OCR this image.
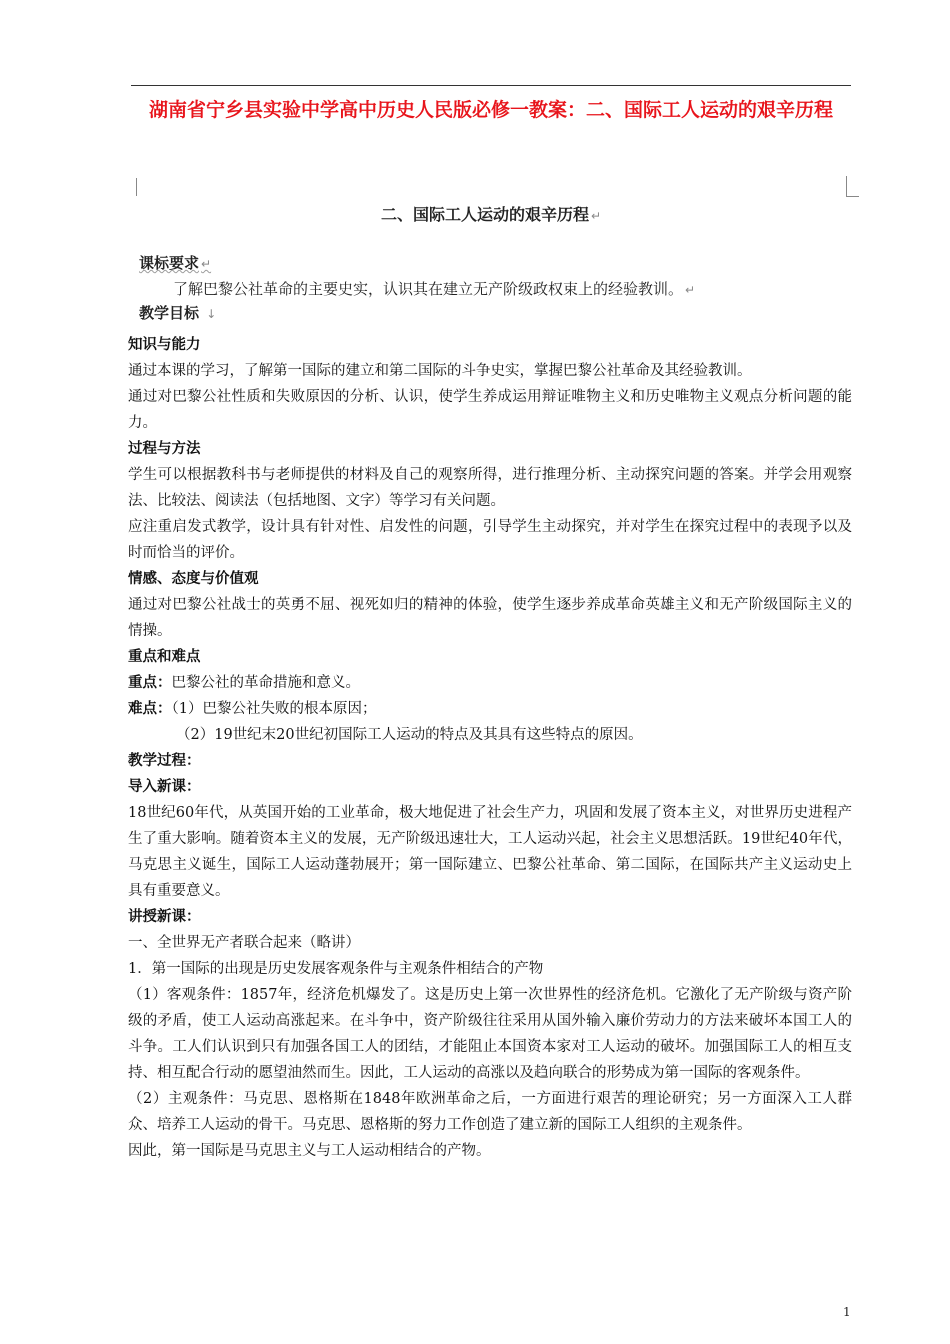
湖南省宁乡县实验中学高中历史人民版必修一教案：二、国际工人运动的艰辛历程
二、国际工人运动的艰辛历程 ↵
课标要求 ↵
了解巴黎公社革命的主要史实，认识其在建立无产阶级政权束上的经验教训。 ↵
教学目标 ↓

知识与能力

通过本课的学习，了解第一国际的建立和第二国际的斗争史实，掌握巴黎公社革命及其经验教训。

通过对巴黎公社性质和失败原因的分析、认识，使学生养成运用辩证唯物主义和历史唯物主义观点分析问题的能力。

过程与方法

学生可以根据教科书与老师提供的材料及自己的观察所得，进行推理分析、主动探究问题的答案。并学会用观察法、比较法、阅读法（包括地图、文字）等学习有关问题。

应注重启发式教学，设计具有针对性、启发性的问题，引导学生主动探究，并对学生在探究过程中的表现予以及时而恰当的评价。

情感、态度与价值观

通过对巴黎公社战士的英勇不屈、视死如归的精神的体验，使学生逐步养成革命英雄主义和无产阶级国际主义的情操。

重点和难点

重点：巴黎公社的革命措施和意义。

难点：（1）巴黎公社失败的根本原因；

（2）19世纪末20世纪初国际工人运动的特点及其具有这些特点的原因。

教学过程：

导入新课：

18世纪60年代，从英国开始的工业革命，极大地促进了社会生产力，巩固和发展了资本主义，对世界历史进程产生了重大影响。随着资本主义的发展，无产阶级迅速壮大，工人运动兴起，社会主义思想活跃。19世纪40年代，马克思主义诞生，国际工人运动蓬勃展开；第一国际建立、巴黎公社革命、第二国际，在国际共产主义运动史上具有重要意义。

讲授新课：

一、全世界无产者联合起来（略讲）

1．第一国际的出现是历史发展客观条件与主观条件相结合的产物

（1）客观条件：1857年，经济危机爆发了。这是历史上第一次世界性的经济危机。它激化了无产阶级与资产阶级的矛盾，使工人运动高涨起来。在斗争中，资产阶级往往采用从国外输入廉价劳动力的方法来破坏本国工人的斗争。工人们认识到只有加强各国工人的团结，才能阻止本国资本家对工人运动的破坏。加强国际工人的相互支持、相互配合行动的愿望油然而生。因此，工人运动的高涨以及趋向联合的形势成为第一国际的客观条件。

（2）主观条件：马克思、恩格斯在1848年欧洲革命之后，一方面进行艰苦的理论研究；另一方面深入工人群众、培养工人运动的骨干。马克思、恩格斯的努力工作创造了建立新的国际工人组织的主观条件。

因此，第一国际是马克思主义与工人运动相结合的产物。

1
